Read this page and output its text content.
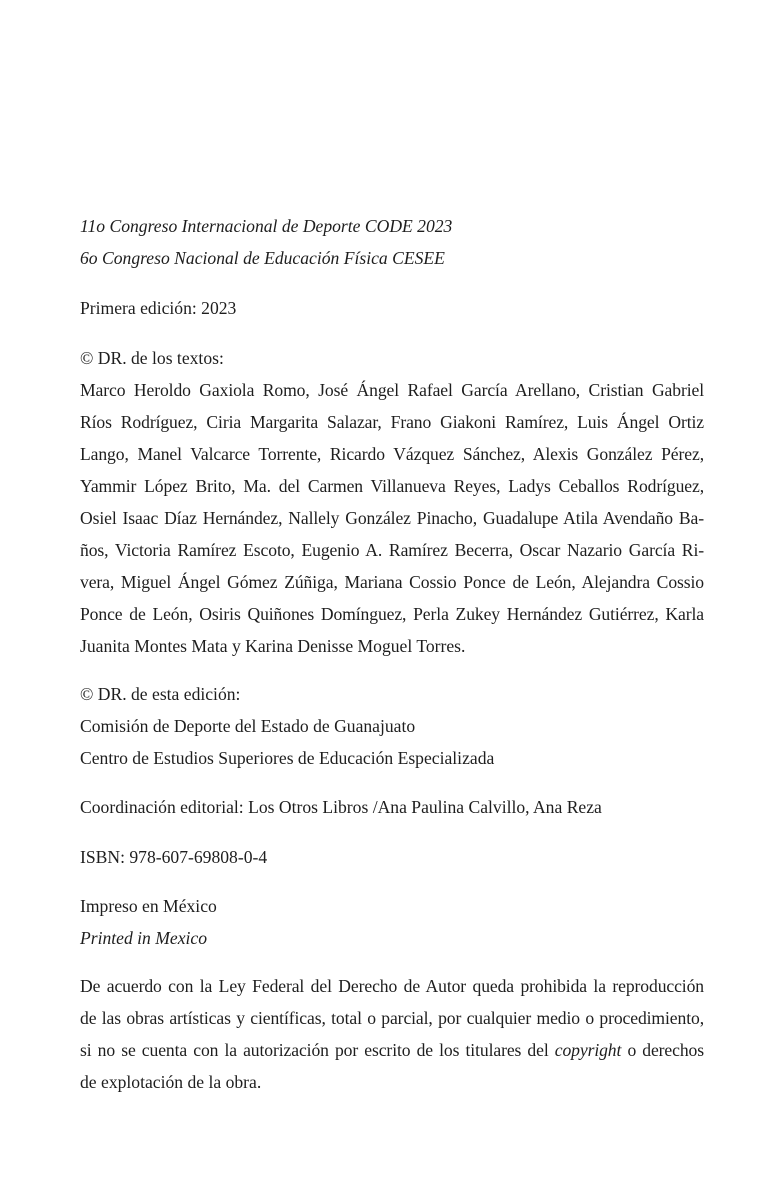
11o Congreso Internacional de Deporte CODE 2023
6o Congreso Nacional de Educación Física CESEE
Primera edición: 2023
© DR. de los textos:
Marco Heroldo Gaxiola Romo, José Ángel Rafael García Arellano, Cristian Gabriel
Ríos Rodríguez, Ciria Margarita Salazar, Frano Giakoni Ramírez, Luis Ángel Ortiz
Lango, Manel Valcarce Torrente, Ricardo Vázquez Sánchez, Alexis González Pérez,
Yammir López Brito, Ma. del Carmen Villanueva Reyes, Ladys Ceballos Rodríguez,
Osiel Isaac Díaz Hernández, Nallely González Pinacho, Guadalupe Atila Avendaño Ba-
ños, Victoria Ramírez Escoto, Eugenio A. Ramírez Becerra, Oscar Nazario García Ri-
vera, Miguel Ángel Gómez Zúñiga, Mariana Cossio Ponce de León, Alejandra Cossio
Ponce de León, Osiris Quiñones Domínguez, Perla Zukey Hernández Gutiérrez, Karla
Juanita Montes Mata y Karina Denisse Moguel Torres.
© DR. de esta edición:
Comisión de Deporte del Estado de Guanajuato
Centro de Estudios Superiores de Educación Especializada
Coordinación editorial: Los Otros Libros /Ana Paulina Calvillo, Ana Reza
ISBN: 978-607-69808-0-4
Impreso en México
Printed in Mexico
De acuerdo con la Ley Federal del Derecho de Autor queda prohibida la reproducción
de las obras artísticas y científicas, total o parcial, por cualquier medio o procedimiento,
si no se cuenta con la autorización por escrito de los titulares del copyright o derechos
de explotación de la obra.
